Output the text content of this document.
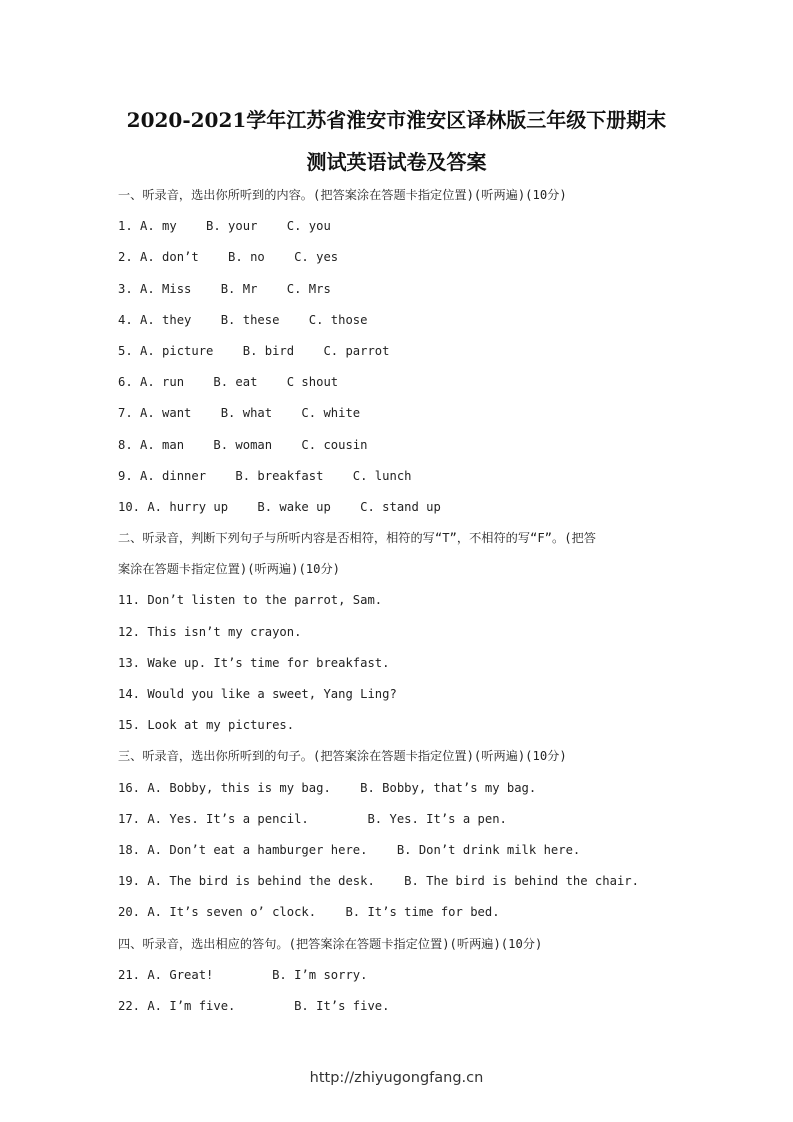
2020-2021学年江苏省淮安市淮安区译林版三年级下册期末
测试英语试卷及答案
一、听录音，选出你所听到的内容。(把答案涂在答题卡指定位置)(听两遍)(10分)
1. A. my    B. your    C. you
2. A. don’t    B. no    C. yes
3. A. Miss    B. Mr    C. Mrs
4. A. they    B. these    C. those
5. A. picture    B. bird    C. parrot
6. A. run    B. eat    C shout
7. A. want    B. what    C. white
8. A. man    B. woman    C. cousin
9. A. dinner    B. breakfast    C. lunch
10. A. hurry up    B. wake up    C. stand up
二、听录音，判断下列句子与所听内容是否相符，相符的写“T”，不相符的写“F”。(把答
案涂在答题卡指定位置)(听两遍)(10分)
11. Don’t listen to the parrot, Sam.
12. This isn’t my crayon.
13. Wake up. It’s time for breakfast.
14. Would you like a sweet, Yang Ling?
15. Look at my pictures.
三、听录音，选出你所听到的句子。(把答案涂在答题卡指定位置)(听两遍)(10分)
16. A. Bobby, this is my bag.    B. Bobby, that’s my bag.
17. A. Yes. It’s a pencil.        B. Yes. It’s a pen.
18. A. Don’t eat a hamburger here.    B. Don’t drink milk here.
19. A. The bird is behind the desk.    B. The bird is behind the chair.
20. A. It’s seven o’ clock.    B. It’s time for bed.
四、听录音，选出相应的答句。(把答案涂在答题卡指定位置)(听两遍)(10分)
21. A. Great!        B. I’m sorry.
22. A. I’m five.        B. It’s five.
http://zhiyugongfang.cn
